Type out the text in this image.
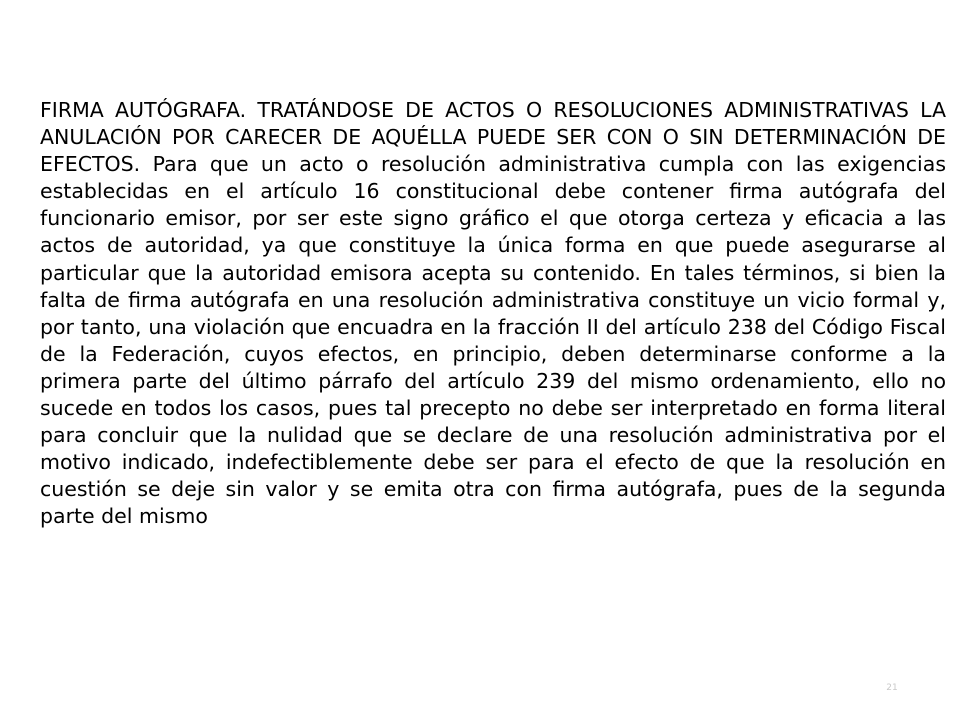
FIRMA AUTÓGRAFA. TRATÁNDOSE DE ACTOS O RESOLUCIONES ADMINISTRATIVAS LA ANULACIÓN POR CARECER DE AQUÉLLA PUEDE SER CON O SIN DETERMINACIÓN DE EFECTOS. Para que un acto o resolución administrativa cumpla con las exigencias establecidas en el artículo 16 constitucional debe contener firma autógrafa del funcionario emisor, por ser este signo gráfico el que otorga certeza y eficacia a las actos de autoridad, ya que constituye la única forma en que puede asegurarse al particular que la autoridad emisora acepta su contenido. En tales términos, si bien la falta de firma autógrafa en una resolución administrativa constituye un vicio formal y, por tanto, una violación que encuadra en la fracción II del artículo 238 del Código Fiscal de la Federación, cuyos efectos, en principio, deben determinarse conforme a la primera parte del último párrafo del artículo 239 del mismo ordenamiento, ello no sucede en todos los casos, pues tal precepto no debe ser interpretado en forma literal para concluir que la nulidad que se declare de una resolución administrativa por el motivo indicado, indefectiblemente debe ser para el efecto de que la resolución en cuestión se deje sin valor y se emita otra con firma autógrafa, pues de la segunda parte del mismo

21
